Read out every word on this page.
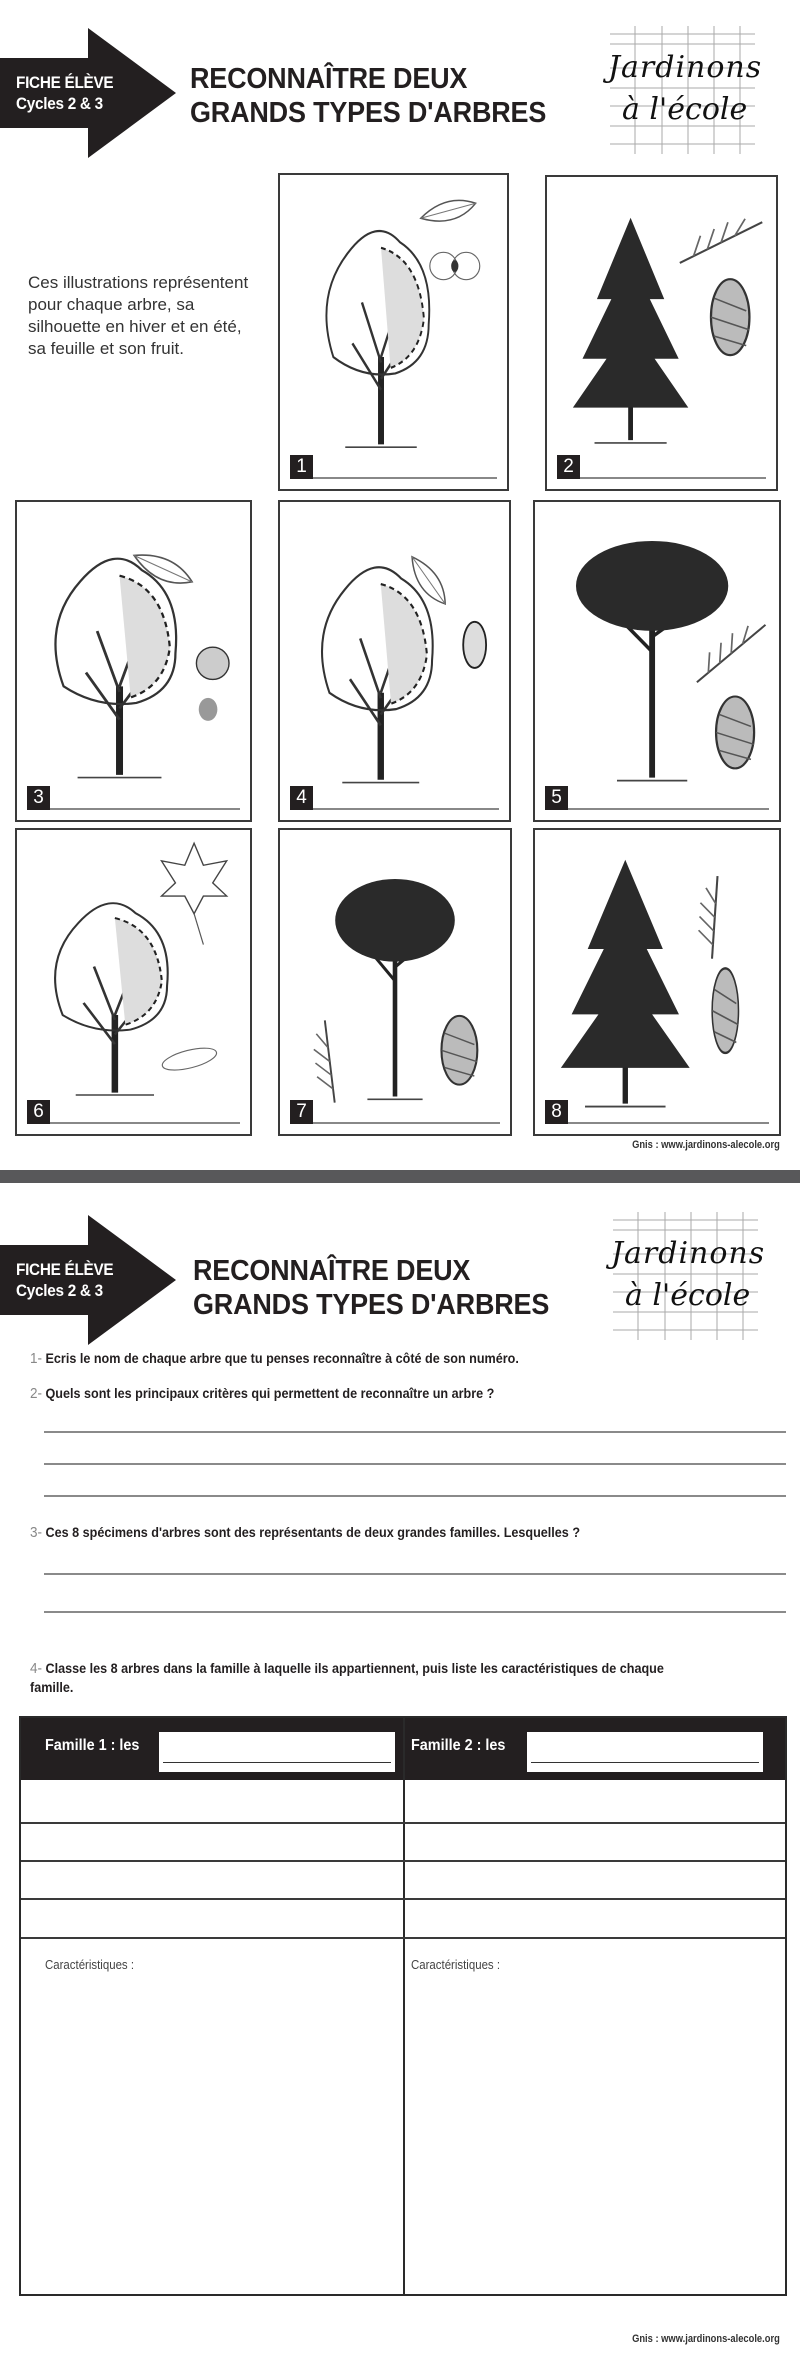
FICHE ÉLÈVE
Cycles 2 & 3
RECONNAÎTRE DEUX
GRANDS TYPES D'ARBRES
Jardinons
à l'école
Ces illustrations représentent pour chaque arbre, sa silhouette en hiver et en été, sa feuille et son fruit.
1	2
3	4	5
6	7	8
Gnis : www.jardinons-alecole.org
FICHE ÉLÈVE
Cycles 2 & 3
RECONNAÎTRE DEUX
GRANDS TYPES D'ARBRES
Jardinons
à l'école
1- Ecris le nom de chaque arbre que tu penses reconnaître à côté de son numéro.
2- Quels sont les principaux critères qui permettent de reconnaître un arbre ?
3- Ces 8 spécimens d'arbres sont des représentants de deux grandes familles. Lesquelles ?
4- Classe les 8 arbres dans la famille à laquelle ils appartiennent, puis liste les caractéristiques de chaque famille.
Famille 1 : les	Famille 2 : les
Caractéristiques :	Caractéristiques :
Gnis : www.jardinons-alecole.org
